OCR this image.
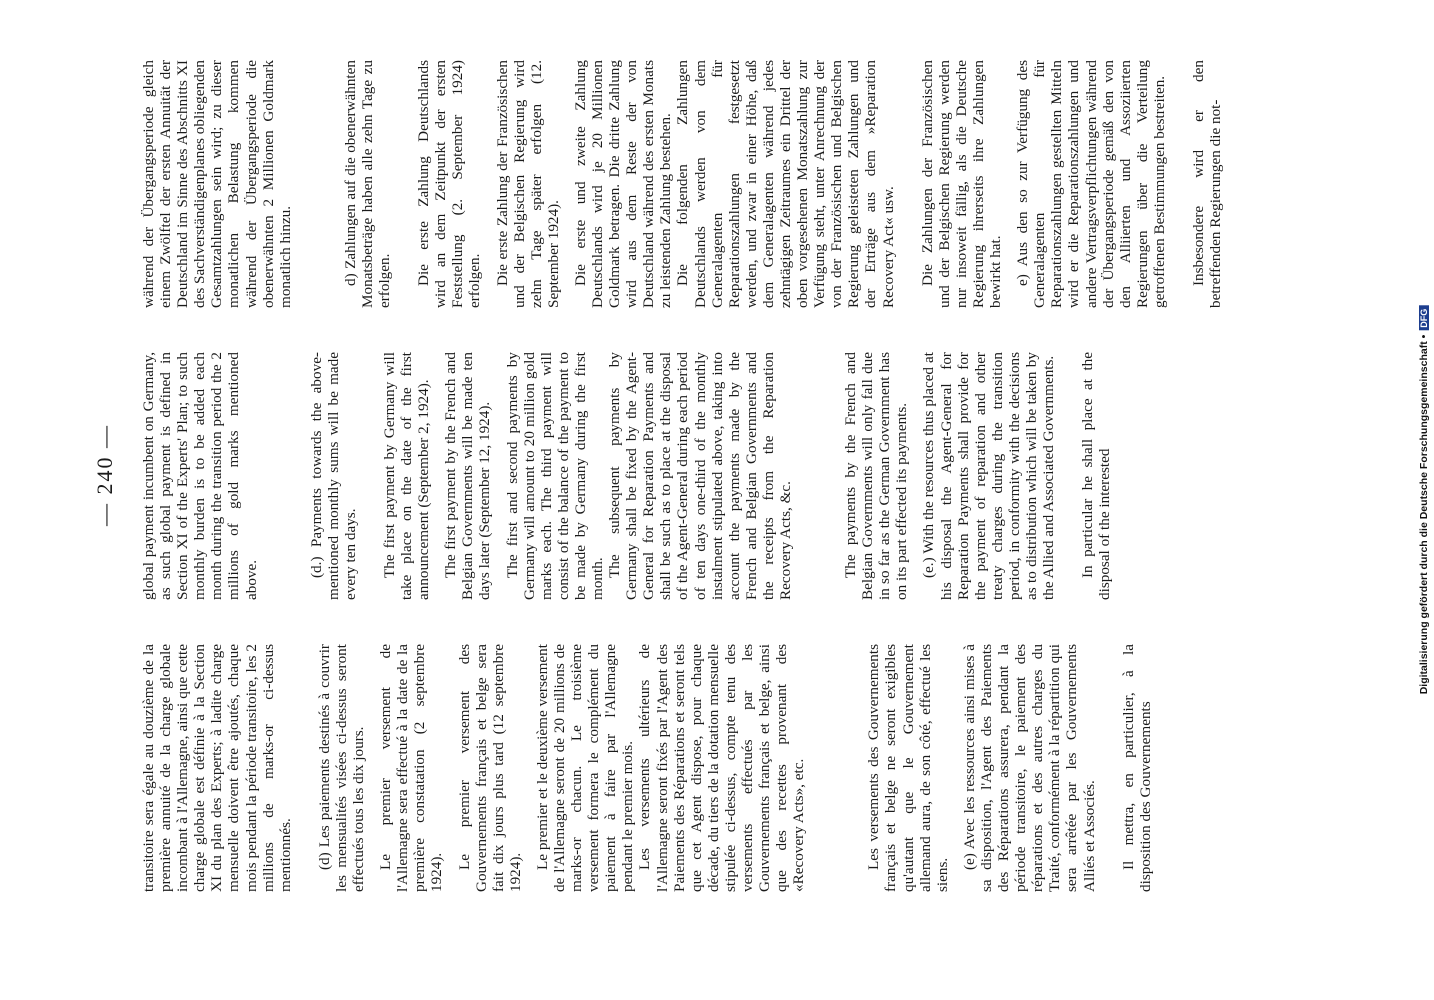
— 240 —

transitoire sera égale au douzième de la première annuité de la charge globale incombant à l'Allemagne, ainsi que cette charge globale est définie à la Section XI du plan des Experts; à ladite charge mensuelle doivent être ajoutés, chaque mois pendant la période transitoire, les 2 millions de marks-or ci-dessus mentionnés. (d) Les paiements destinés à couvrir les mensualités visées ci-dessus seront effectués tous les dix jours. Le premier versement de l'Allemagne sera effectué à la date de la première constatation (2 septembre 1924).

Le premier versement des Gouvernements français et belge sera fait dix jours plus tard (12 septembre 1924).

Le premier et le deuxième versement de l'Allemagne seront de 20 millions de marks-or chacun. Le troisième versement formera le complément du paiement à faire par l'Allemagne pendant le premier mois. Les versements ultérieurs de l'Allemagne seront fixés par l'Agent des Paiements des Réparations et seront tels que cet Agent dispose, pour chaque décade, du tiers de la dotation mensuelle stipulée ci-dessus, compte tenu des versements effectués par les Gouvernements français et belge, ainsi que des recettes provenant des «Recovery Acts», etc.	Les versements des Gouvernements français et belge ne seront exigibles qu'autant que le Gouvernement allemand aura, de son côté, effectué les siens.

(e) Avec les ressources ainsi mises à sa disposition, l'Agent des Paiements des Réparations assurera, pendant la période transitoire, le paiement des réparations et des autres charges du Traité, conformément à la répartition qui sera arrêtée par les Gouvernements Alliés et Associés. Il mettra, en particulier, à la disposition des Gouvernements

global payment incumbent on Germany, as such global payment is defined in Section XI of the Experts' Plan; to such monthly burden is to be added each month during the transition period the 2 millions of gold marks mentioned above.

(d.) Payments towards the above-mentioned monthly sums will be made every ten days. The first payment by Germany will take place on the date of the first announcement (September 2, 1924). The first payment by the French and Belgian Governments will be made ten days later (September 12, 1924). The first and second payments by Germany will amount to 20 million gold marks each. The third payment will consist of the balance of the payment to be made by Germany during the first month.

The subsequent payments by Germany shall be fixed by the Agent-General for Reparation Payments and shall be such as to place at the disposal of the Agent-General during each period of ten days one-third of the monthly instalment stipulated above, taking into account the payments made by the French and Belgian Governments and the receipts from the Reparation Recovery Acts, &c.	The payments by the French and Belgian Governments will only fall due in so far as the German Government has on its part effected its payments. (e.) With the resources thus placed at his disposal the Agent-General for Reparation Payments shall provide for the payment of reparation and other treaty charges during the transition period, in conformity with the decisions as to distribution which will be taken by the Allied and Associated Governments. In particular he shall place at the disposal of the interested

während der Übergangsperiode gleich einem Zwölftel der ersten Annuität der Deutschland im Sinne des Abschnitts XI des Sachverständigenplanes obliegenden Gesamtzahlungen sein wird; zu dieser monatlichen Belastung kommen während der Übergangsperiode die obenerwähnten 2 Millionen Goldmark monatlich hinzu.	d) Zahlungen auf die obenerwähnten Monatsbeträge haben alle zehn Tage zu erfolgen. Die erste Zahlung Deutschlands wird an dem Zeitpunkt der ersten Feststellung (2. September 1924) erfolgen. Die erste Zahlung der Französischen und der Belgischen Regierung wird zehn Tage später erfolgen (12. September 1924). Die erste und zweite Zahlung Deutschlands wird je 20 Millionen Goldmark betragen. Die dritte Zahlung wird aus dem Reste der von Deutschland während des ersten Monats zu leistenden Zahlung bestehen. Die folgenden Zahlungen Deutschlands werden von dem Generalagenten für Reparationszahlungen festgesetzt werden, und zwar in einer Höhe, daß dem Generalagenten während jedes zehntägigen Zeitraumes ein Drittel der oben vorgesehenen Monatszahlung zur Verfügung steht, unter Anrechnung der von der Französischen und Belgischen Regierung geleisteten Zahlungen und der Erträge aus dem »Reparation Recovery Act« usw. Die Zahlungen der Französischen und der Belgischen Regierung werden nur insoweit fällig, als die Deutsche Regierung ihrerseits ihre Zahlungen bewirkt hat. e) Aus den so zur Verfügung des Generalagenten für Reparationszahlungen gestellten Mitteln wird er die Reparationszahlungen und andere Vertragsverpflichtungen während der Übergangsperiode gemäß den von den Alliierten und Assoziierten Regierungen über die Verteilung getroffenen Bestimmungen bestreiten. Insbesondere wird er den betreffenden Regierungen die not-

Digitalisierung gefördert durch die Deutsche Forschungsgemeinschaft •DFG
